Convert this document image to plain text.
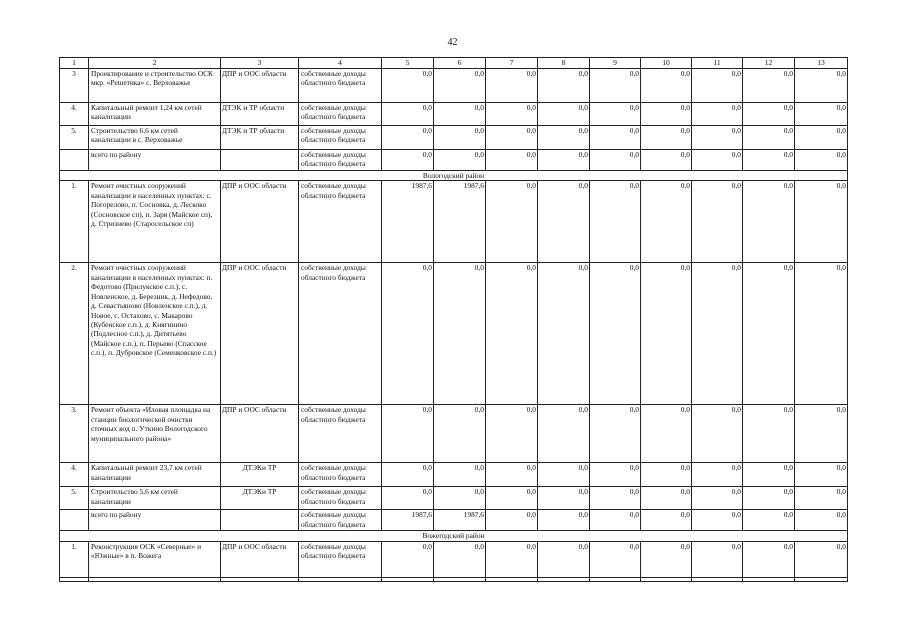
42
1	2	3	4	5	6	7	8	9	10	11	12	13
3	Проектирование и строительство ОСК мкр. «Решетика» с. Верховажье	ДПР и ООС области	собственные доходы областного бюджета	0,0	0,0	0,0	0,0	0,0	0,0	0,0	0,0	0,0
4.	Капитальный ремонт 1,24 км сетей канализации	ДТЭК и ТР области	собственные доходы областного бюджета	0,0	0,0	0,0	0,0	0,0	0,0	0,0	0,0	0,0
5.	Строительство 6,6 км сетей канализации в с. Верховажье	ДТЭК и ТР области	собственные доходы областного бюджета	0,0	0,0	0,0	0,0	0,0	0,0	0,0	0,0	0,0
	всего по району		собственные доходы областного бюджета	0,0	0,0	0,0	0,0	0,0	0,0	0,0	0,0	0,0
Вологодский район												
1.	Ремонт очистных сооружений канализации в населенных пунктах: с. Погорелово, п. Сосновка, д. Лесково (Сосновское сп), п. Заря (Майское сп), д. Стризнево (Старосельское сп)	ДПР и ООС области	собственные доходы областного бюджета	1987,6	1987,6	0,0	0,0	0,0	0,0	0,0	0,0	0,0
2.	Ремонт очистных сооружений канализации в населенных пунктах: п. Федотово (Прилукское с.п.), с. Новленское, д. Березник, д. Нефедово, д. Севастьяново (Новленское с.п.), д. Новое, с. Остахово, с. Макарово (Кубенское с.п.), д. Княгинино (Подлесное с.п.), д. Дитятьево (Майское с.п.), п. Перьево (Спасское с.п.), п. Дубровское (Семенковское с.п.)	ДПР и ООС области	собственные доходы областного бюджета	0,0	0,0	0,0	0,0	0,0	0,0	0,0	0,0	0,0
3.	Ремонт объекта «Иловая площадка на станции биологической очистки сточных вод п. Уткино Вологодского муниципального района»	ДПР и ООС области	собственные доходы областного бюджета	0,0	0,0	0,0	0,0	0,0	0,0	0,0	0,0	0,0
4.	Капитальный ремонт 23,7 км сетей канализации	ДТЭКи ТР	собственные доходы областного бюджета	0,0	0,0	0,0	0,0	0,0	0,0	0,0	0,0	0,0
5.	Строительство 5,6 км сетей канализации	ДТЭКи ТР	собственные доходы областного бюджета	0,0	0,0	0,0	0,0	0,0	0,0	0,0	0,0	0,0
	всего по району		собственные доходы областного бюджета	1987,6	1987,6	0,0	0,0	0,0	0,0	0,0	0,0	0,0
Вожегодский район												
1.	Реконструкция ОСК «Северные» и «Южные» в п. Вожега	ДПР и ООС области	собственные доходы областного бюджета	0,0	0,0	0,0	0,0	0,0	0,0	0,0	0,0	0,0
